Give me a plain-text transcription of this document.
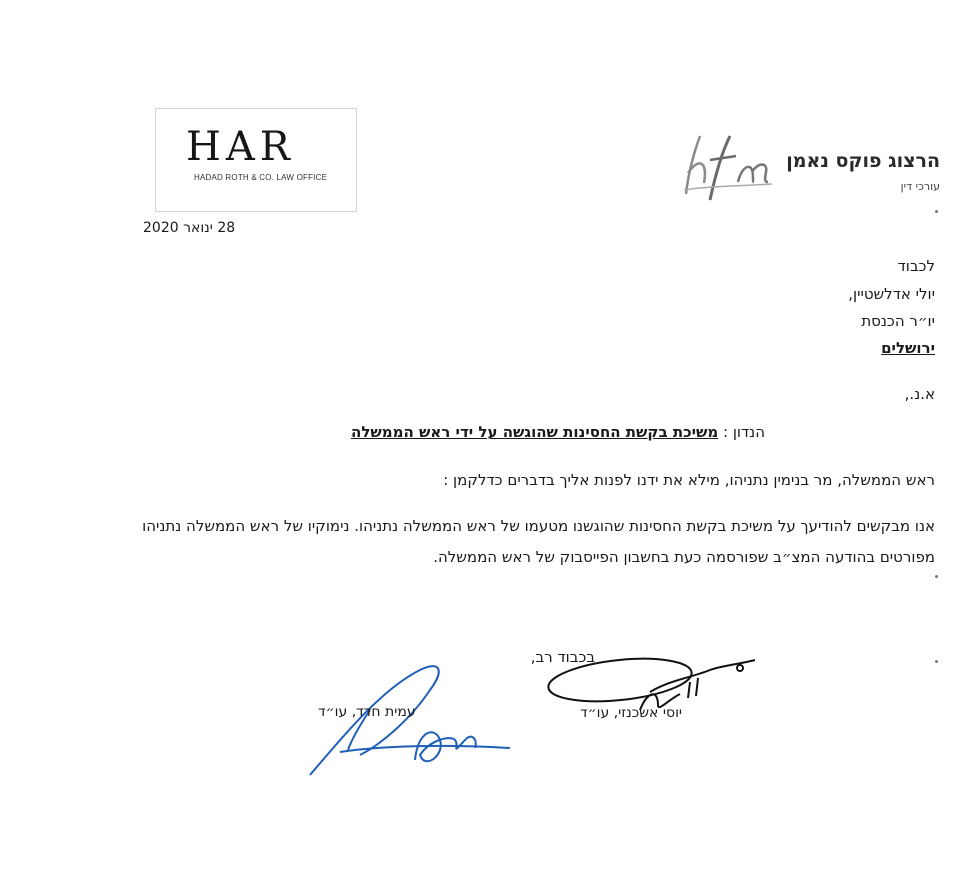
HAR
HADAD ROTH & CO. LAW OFFICE
הרצוג פוקס נאמן
עורכי דין
28 ינואר 2020
לכבוד
יולי אדלשטיין,
יו״ר הכנסת
ירושלים
א.נ.,
הנדון : משיכת בקשת החסינות שהוגשה על ידי ראש הממשלה
ראש הממשלה, מר בנימין נתניהו, מילא את ידנו לפנות אליך בדברים כדלקמן :
אנו מבקשים להודיעך על משיכת בקשת החסינות שהוגשנו מטעמו של ראש הממשלה נתניהו. נימוקיו של ראש הממשלה נתניהו מפורטים בהודעה המצ״ב שפורסמה כעת בחשבון הפייסבוק של ראש הממשלה.
בכבוד רב,
יוסי אשכנזי, עו״ד
עמית חדד, עו״ד
